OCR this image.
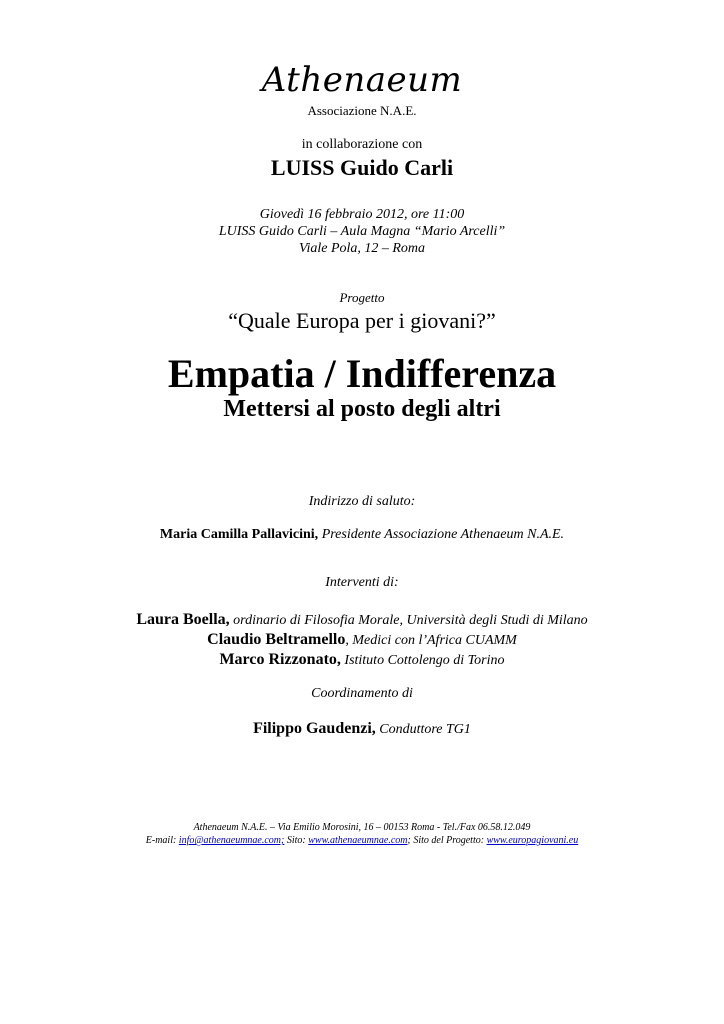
Athenaeum
Associazione N.A.E.
in collaborazione con
LUISS Guido Carli
Giovedì 16 febbraio 2012, ore 11:00
LUISS Guido Carli – Aula Magna “Mario Arcelli”
Viale Pola, 12 – Roma
Progetto
“Quale Europa per i giovani?”
Empatia / Indifferenza
Mettersi al posto degli altri
Indirizzo di saluto:
Maria Camilla Pallavicini, Presidente Associazione Athenaeum N.A.E.
Interventi di:
Laura Boella, ordinario di Filosofia Morale, Università degli Studi di Milano
Claudio Beltramello, Medici con l’Africa CUAMM
Marco Rizzonato, Istituto Cottolengo di Torino
Coordinamento di
Filippo Gaudenzi, Conduttore TG1
Athenaeum N.A.E. – Via Emilio Morosini, 16 – 00153 Roma - Tel./Fax 06.58.12.049
E-mail: info@athenaeumnae.com; Sito: www.athenaeumnae.com; Sito del Progetto: www.europagiovani.eu
